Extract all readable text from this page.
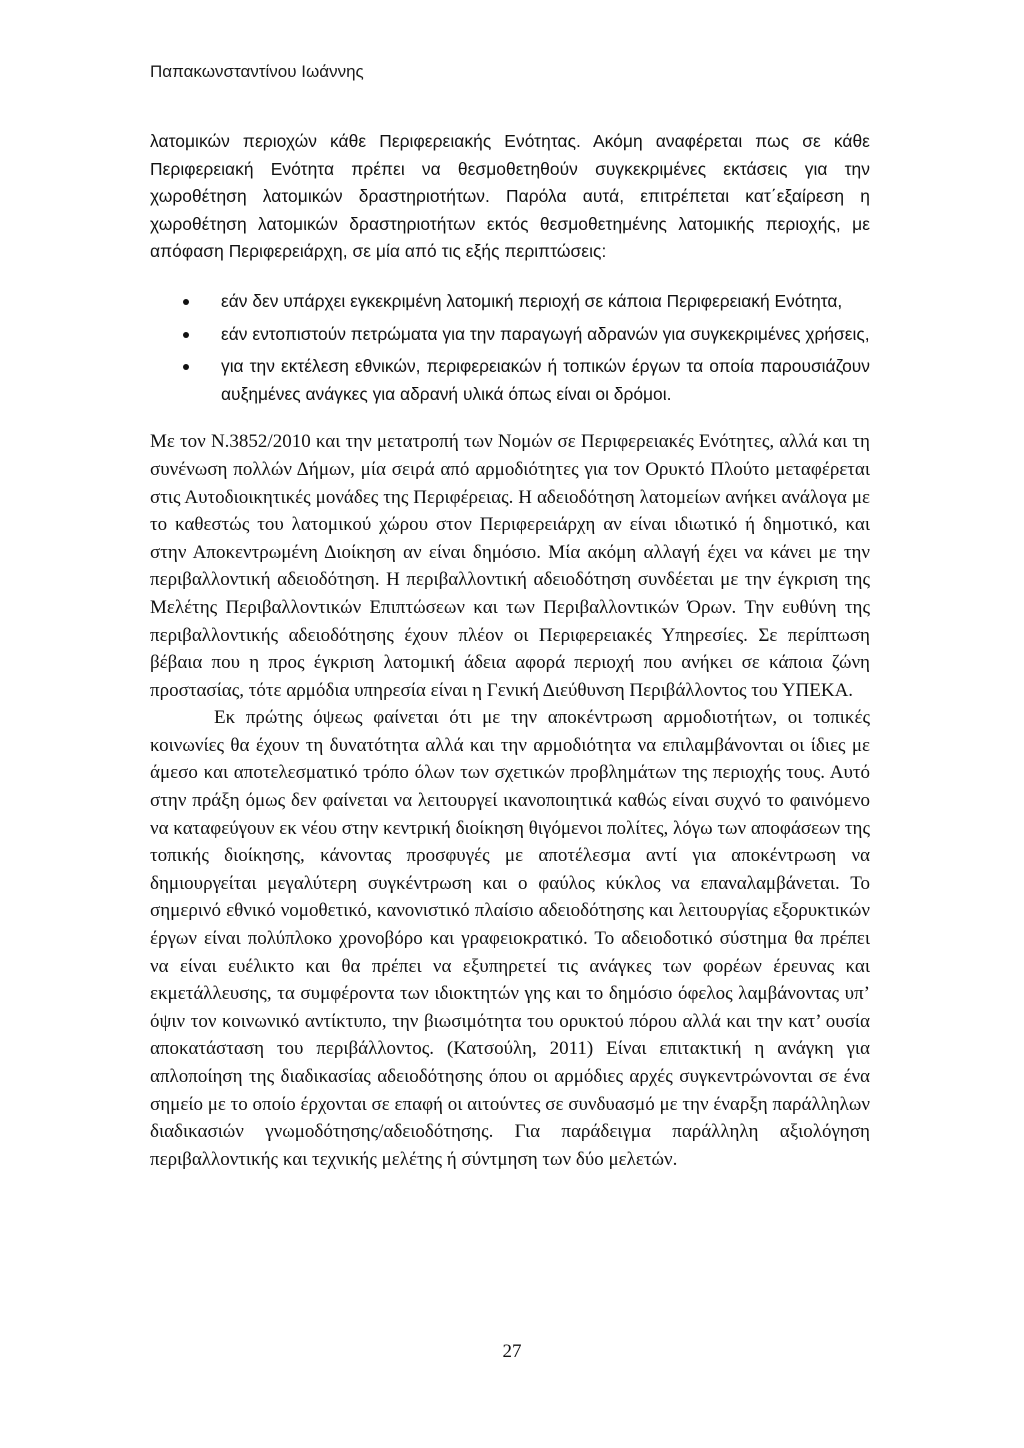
Παπακωνσταντίνου Ιωάννης

λατομικών περιοχών κάθε Περιφερειακής Ενότητας. Ακόμη αναφέρεται πως σε κάθε Περιφερειακή Ενότητα πρέπει να θεσμοθετηθούν συγκεκριμένες εκτάσεις για την χωροθέτηση λατομικών δραστηριοτήτων. Παρόλα αυτά, επιτρέπεται κατ΄εξαίρεση η χωροθέτηση λατομικών δραστηριοτήτων εκτός θεσμοθετημένης λατομικής περιοχής, με απόφαση Περιφερειάρχη, σε μία από τις εξής περιπτώσεις:

εάν δεν υπάρχει εγκεκριμένη λατομική περιοχή σε κάποια Περιφερειακή Ενότητα,
εάν εντοπιστούν πετρώματα για την παραγωγή αδρανών για συγκεκριμένες χρήσεις,
για την εκτέλεση εθνικών, περιφερειακών ή τοπικών έργων τα οποία παρουσιάζουν αυξημένες ανάγκες για αδρανή υλικά όπως είναι οι δρόμοι.

Με τον Ν.3852/2010 και την μετατροπή των Νομών σε Περιφερειακές Ενότητες, αλλά και τη συνένωση πολλών Δήμων, μία σειρά από αρμοδιότητες για τον Ορυκτό Πλούτο μεταφέρεται στις Αυτοδιοικητικές μονάδες της Περιφέρειας. Η αδειοδότηση λατομείων ανήκει ανάλογα με το καθεστώς του λατομικού χώρου στον Περιφερειάρχη αν είναι ιδιωτικό ή δημοτικό, και στην Αποκεντρωμένη Διοίκηση αν είναι δημόσιο. Μία ακόμη αλλαγή έχει να κάνει με την περιβαλλοντική αδειοδότηση. Η περιβαλλοντική αδειοδότηση συνδέεται με την έγκριση της Μελέτης Περιβαλλοντικών Επιπτώσεων και των Περιβαλλοντικών Όρων. Την ευθύνη της περιβαλλοντικής αδειοδότησης έχουν πλέον οι Περιφερειακές Υπηρεσίες. Σε περίπτωση βέβαια που η προς έγκριση λατομική άδεια αφορά περιοχή που ανήκει σε κάποια ζώνη προστασίας, τότε αρμόδια υπηρεσία είναι η Γενική Διεύθυνση Περιβάλλοντος του ΥΠΕΚΑ.

Εκ πρώτης όψεως φαίνεται ότι με την αποκέντρωση αρμοδιοτήτων, οι τοπικές κοινωνίες θα έχουν τη δυνατότητα αλλά και την αρμοδιότητα να επιλαμβάνονται οι ίδιες με άμεσο και αποτελεσματικό τρόπο όλων των σχετικών προβλημάτων της περιοχής τους. Αυτό στην πράξη όμως δεν φαίνεται να λειτουργεί ικανοποιητικά καθώς είναι συχνό το φαινόμενο να καταφεύγουν εκ νέου στην κεντρική διοίκηση θιγόμενοι πολίτες, λόγω των αποφάσεων της τοπικής διοίκησης, κάνοντας προσφυγές με αποτέλεσμα αντί για αποκέντρωση να δημιουργείται μεγαλύτερη συγκέντρωση και ο φαύλος κύκλος να επαναλαμβάνεται. Το σημερινό εθνικό νομοθετικό, κανονιστικό πλαίσιο αδειοδότησης και λειτουργίας εξορυκτικών έργων είναι πολύπλοκο χρονοβόρο και γραφειοκρατικό. Το αδειοδοτικό σύστημα θα πρέπει να είναι ευέλικτο και θα πρέπει να εξυπηρετεί τις ανάγκες των φορέων έρευνας και εκμετάλλευσης, τα συμφέροντα των ιδιοκτητών γης και το δημόσιο όφελος λαμβάνοντας υπ’ όψιν τον κοινωνικό αντίκτυπο, την βιωσιμότητα του ορυκτού πόρου αλλά και την κατ’ ουσία αποκατάσταση του περιβάλλοντος. (Κατσούλη, 2011) Είναι επιτακτική η ανάγκη για απλοποίηση της διαδικασίας αδειοδότησης όπου οι αρμόδιες αρχές συγκεντρώνονται σε ένα σημείο με το οποίο έρχονται σε επαφή οι αιτούντες σε συνδυασμό με την έναρξη παράλληλων διαδικασιών γνωμοδότησης/αδειοδότησης. Για παράδειγμα παράλληλη αξιολόγηση περιβαλλοντικής και τεχνικής μελέτης ή σύντμηση των δύο μελετών.

27
